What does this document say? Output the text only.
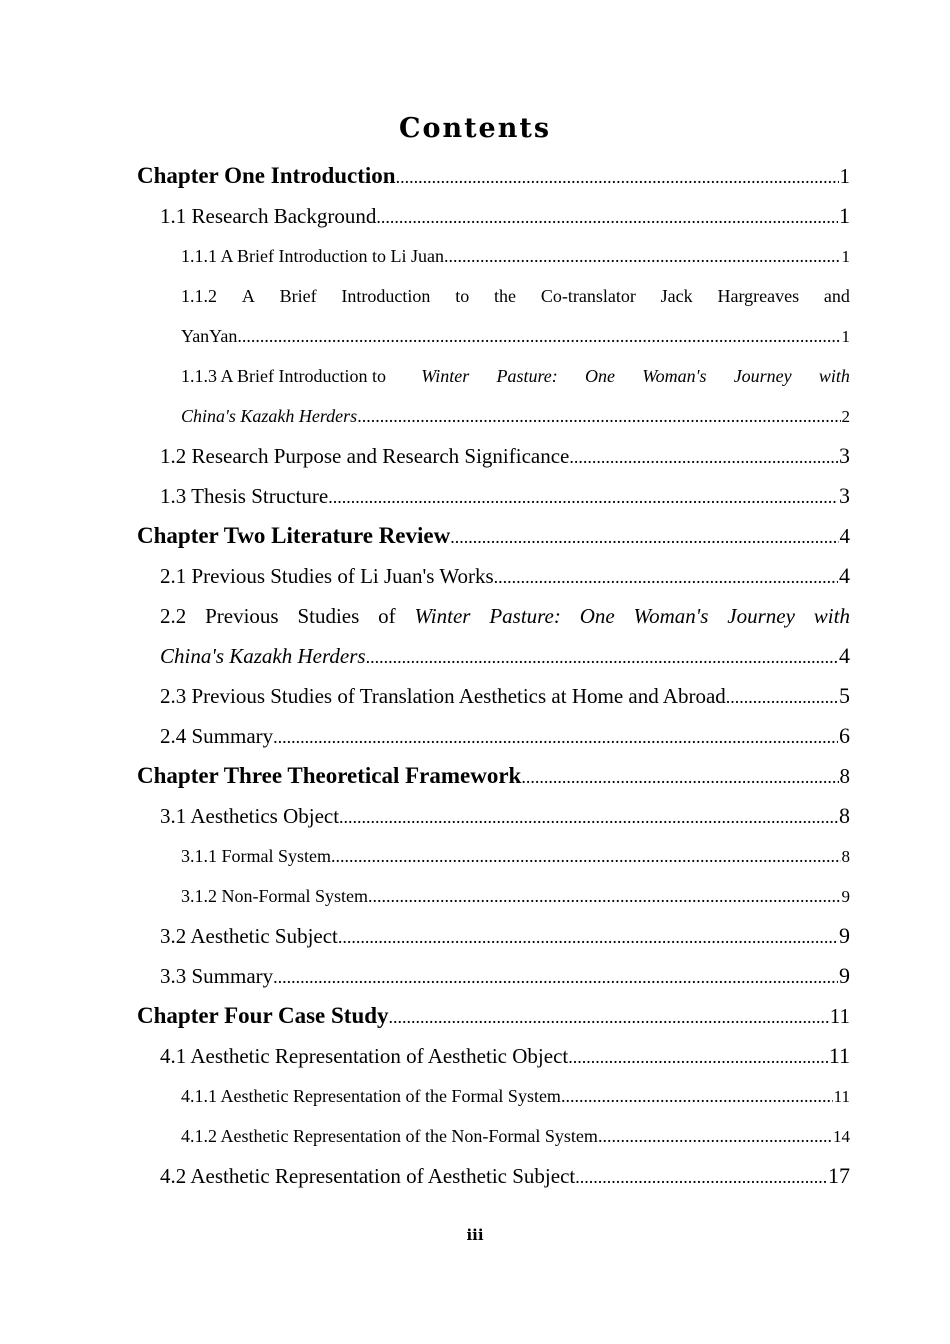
Contents
Chapter One Introduction .....	1
1.1 Research Background .....	1
1.1.1 A Brief Introduction to Li Juan .....	1
1.1.2 A Brief Introduction to the Co-translator Jack Hargreaves and
YanYan .....	1
1.1.3 A Brief Introduction to Winter Pasture: One Woman's Journey with
China's Kazakh Herders .....	2
1.2 Research Purpose and Research Significance .....	3
1.3 Thesis Structure .....	3
Chapter Two Literature Review .....	4
2.1 Previous Studies of Li Juan's Works .....	4
2.2 Previous Studies of Winter Pasture: One Woman's Journey with
China's Kazakh Herders .....	4
2.3 Previous Studies of Translation Aesthetics at Home and Abroad .....	5
2.4 Summary .....	6
Chapter Three Theoretical Framework .....	8
3.1 Aesthetics Object .....	8
3.1.1 Formal System .....	8
3.1.2 Non-Formal System .....	9
3.2 Aesthetic Subject .....	9
3.3 Summary .....	9
Chapter Four Case Study .....	11
4.1 Aesthetic Representation of Aesthetic Object .....	11
4.1.1 Aesthetic Representation of the Formal System .....	11
4.1.2 Aesthetic Representation of the Non-Formal System .....	14
4.2 Aesthetic Representation of Aesthetic Subject .....	17
iii
